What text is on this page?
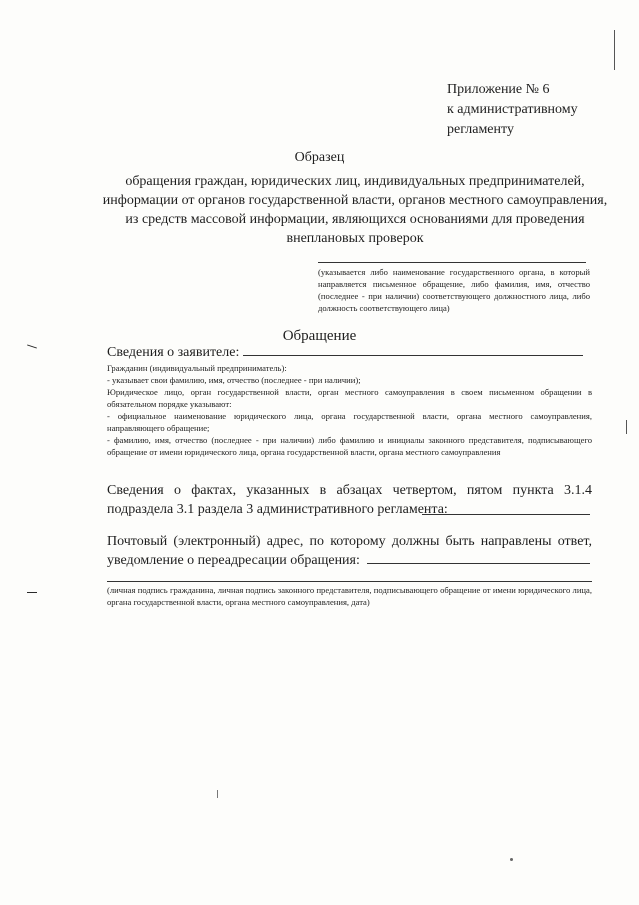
Приложение № 6
к административному
регламенту
Образец
обращения граждан, юридических лиц, индивидуальных предпринимателей, информации от органов государственной власти, органов местного самоуправления, из средств массовой информации, являющихся основаниями для проведения внеплановых проверок
(указывается либо наименование государственного органа, в который направляется письменное обращение, либо фамилия, имя, отчество (последнее - при наличии) соответствующего должностного лица, либо должность соответствующего лица)
Обращение
Сведения о заявителе:
Гражданин (индивидуальный предприниматель):
- указывает свои фамилию, имя, отчество (последнее - при наличии);
Юридическое лицо, орган государственной власти, орган местного самоуправления в своем письменном обращении в обязательном порядке указывают:
- официальное наименование юридического лица, органа государственной власти, органа местного самоуправления, направляющего обращение;
- фамилию, имя, отчество (последнее - при наличии) либо фамилию и инициалы законного представителя, подписывающего обращение от имени юридического лица, органа государственной власти, органа местного самоуправления
Сведения о фактах, указанных в абзацах четвертом, пятом пункта 3.1.4 подраздела 3.1 раздела 3 административного регламента:
Почтовый (электронный) адрес, по которому должны быть направлены ответ, уведомление о переадресации обращения:
(личная подпись гражданина, личная подпись законного представителя, подписывающего обращение от имени юридического лица, органа государственной власти, органа местного самоуправления, дата)
